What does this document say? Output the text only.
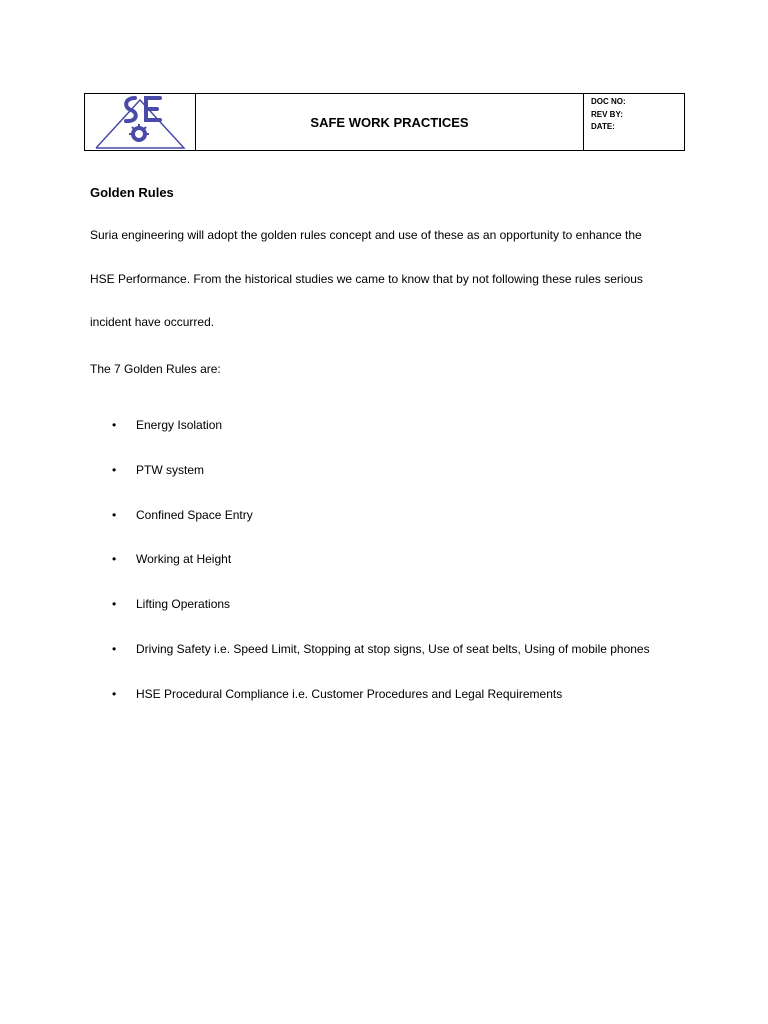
SAFE WORK PRACTICES
DOC NO:
REV BY:
DATE:
Golden Rules
Suria engineering will adopt the golden rules concept and use of these as an opportunity to enhance the
HSE Performance. From the historical studies we came to know that by not following these rules serious
incident have occurred.
The 7 Golden Rules are:
•	Energy Isolation
•	PTW system
•	Confined Space Entry
•	Working at Height
•	Lifting Operations
•	Driving Safety i.e. Speed Limit, Stopping at stop signs, Use of seat belts, Using of mobile phones
•	HSE Procedural Compliance i.e. Customer Procedures and Legal Requirements
